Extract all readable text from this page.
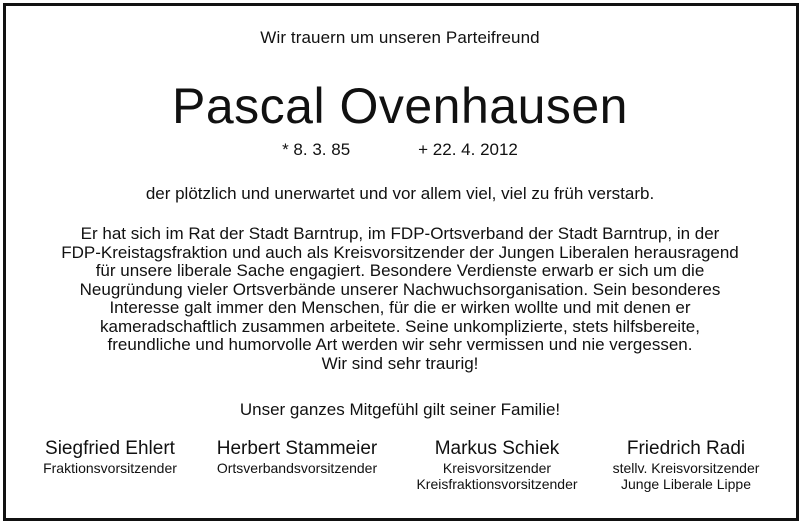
Wir trauern um unseren Parteifreund
Pascal Ovenhausen
* 8. 3. 85	+ 22. 4. 2012
der plötzlich und unerwartet und vor allem viel, viel zu früh verstarb.
Er hat sich im Rat der Stadt Barntrup, im FDP-Ortsverband der Stadt Barntrup, in der
FDP-Kreistagsfraktion und auch als Kreisvorsitzender der Jungen Liberalen herausragend
für unsere liberale Sache engagiert. Besondere Verdienste erwarb er sich um die
Neugründung vieler Ortsverbände unserer Nachwuchsorganisation. Sein besonderes
Interesse galt immer den Menschen, für die er wirken wollte und mit denen er
kameradschaftlich zusammen arbeitete. Seine unkomplizierte, stets hilfsbereite,
freundliche und humorvolle Art werden wir sehr vermissen und nie vergessen.
Wir sind sehr traurig!
Unser ganzes Mitgefühl gilt seiner Familie!
Siegfried Ehlert
Fraktionsvorsitzender
Herbert Stammeier
Ortsverbandsvorsitzender
Markus Schiek
Kreisvorsitzender
Kreisfraktionsvorsitzender
Friedrich Radi
stellv. Kreisvorsitzender
Junge Liberale Lippe
